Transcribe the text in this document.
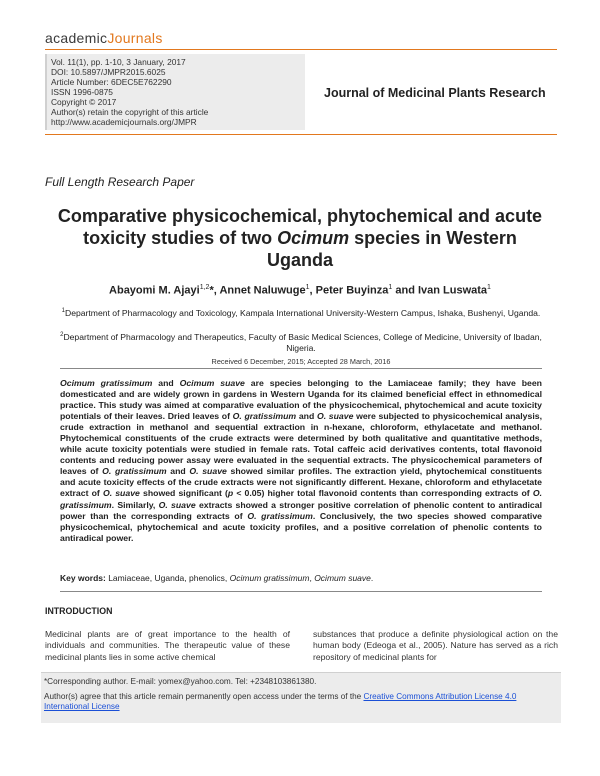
academicJournals
Vol. 11(1), pp. 1-10, 3 January, 2017
DOI: 10.5897/JMPR2015.6025
Article Number: 6DEC5E762290
ISSN 1996-0875
Copyright © 2017
Author(s) retain the copyright of this article
http://www.academicjournals.org/JMPR
Journal of Medicinal Plants Research
Full Length Research Paper
Comparative physicochemical, phytochemical and acute toxicity studies of two Ocimum species in Western Uganda
Abayomi M. Ajayi$^{1,2}$*, Annet Naluwuge$^1$, Peter Buyinza$^1$ and Ivan Luswata$^1$
$^1$Department of Pharmacology and Toxicology, Kampala International University-Western Campus, Ishaka, Bushenyi, Uganda.
$^2$Department of Pharmacology and Therapeutics, Faculty of Basic Medical Sciences, College of Medicine, University of Ibadan, Nigeria.
Received 6 December, 2015; Accepted 28 March, 2016
Ocimum gratissimum and Ocimum suave are species belonging to the Lamiaceae family; they have been domesticated and are widely grown in gardens in Western Uganda for its claimed beneficial effect in ethnomedical practice. This study was aimed at comparative evaluation of the physicochemical, phytochemical and acute toxicity potentials of their leaves. Dried leaves of O. gratissimum and O. suave were subjected to physicochemical analysis, crude extraction in methanol and sequential extraction in n-hexane, chloroform, ethylacetate and methanol. Phytochemical constituents of the crude extracts were determined by both qualitative and quantitative methods, while acute toxicity potentials were studied in female rats. Total caffeic acid derivatives contents, total flavonoid contents and reducing power assay were evaluated in the sequential extracts. The physicochemical parameters of leaves of O. gratissimum and O. suave showed similar profiles. The extraction yield, phytochemical constituents and acute toxicity effects of the crude extracts were not significantly different. Hexane, chloroform and ethylacetate extract of O. suave showed significant (p < 0.05) higher total flavonoid contents than corresponding extracts of O. gratissimum. Similarly, O. suave extracts showed a stronger positive correlation of phenolic content to antiradical power than the corresponding extracts of O. gratissimum. Conclusively, the two species showed comparative physicochemical, phytochemical and acute toxicity profiles, and a positive correlation of phenolic contents to antiradical power.
Key words: Lamiaceae, Uganda, phenolics, Ocimum gratissimum, Ocimum suave.
INTRODUCTION
Medicinal plants are of great importance to the health of individuals and communities. The therapeutic value of these medicinal plants lies in some active chemical
substances that produce a definite physiological action on the human body (Edeoga et al., 2005). Nature has served as a rich repository of medicinal plants for
*Corresponding author. E-mail: yomex@yahoo.com. Tel: +2348103861380.
Author(s) agree that this article remain permanently open access under the terms of the Creative Commons Attribution License 4.0 International License
